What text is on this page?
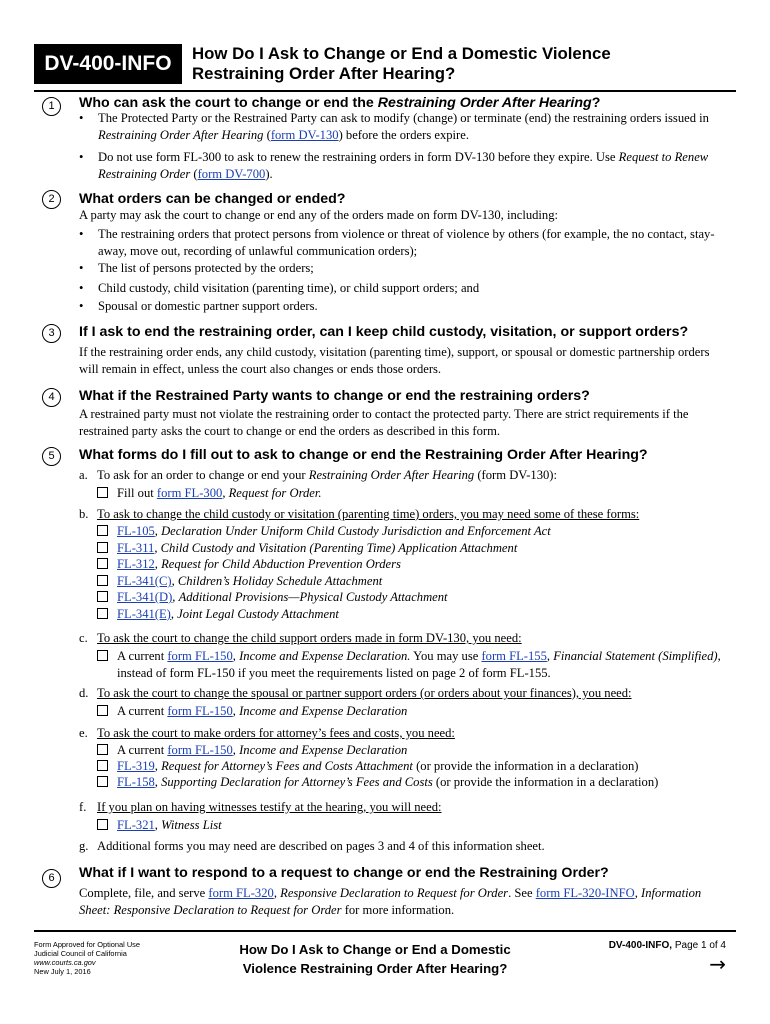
DV-400-INFO	How Do I Ask to Change or End a Domestic Violence
Restraining Order After Hearing?
1	Who can ask the court to change or end the Restraining Order After Hearing?
• The Protected Party or the Restrained Party can ask to modify (change) or terminate (end) the restraining orders issued in Restraining Order After Hearing (form DV-130) before the orders expire.
• Do not use form FL-300 to ask to renew the restraining orders in form DV-130 before they expire. Use Request to Renew Restraining Order (form DV-700).
2	What orders can be changed or ended?
A party may ask the court to change or end any of the orders made on form DV-130, including:
• The restraining orders that protect persons from violence or threat of violence by others (for example, the no contact, stay-away, move out, recording of unlawful communication orders);
• The list of persons protected by the orders;
• Child custody, child visitation (parenting time), or child support orders; and
• Spousal or domestic partner support orders.
3	If I ask to end the restraining order, can I keep child custody, visitation, or support orders?
If the restraining order ends, any child custody, visitation (parenting time), support, or spousal or domestic partnership orders will remain in effect, unless the court also changes or ends those orders.
4	What if the Restrained Party wants to change or end the restraining orders?
A restrained party must not violate the restraining order to contact the protected party. There are strict requirements if the restrained party asks the court to change or end the orders as described in this form.
5	What forms do I fill out to ask to change or end the Restraining Order After Hearing?
a. To ask for an order to change or end your Restraining Order After Hearing (form DV-130):
Fill out form FL-300, Request for Order.
b. To ask to change the child custody or visitation (parenting time) orders, you may need some of these forms:
FL-105, Declaration Under Uniform Child Custody Jurisdiction and Enforcement Act
FL-311, Child Custody and Visitation (Parenting Time) Application Attachment
FL-312, Request for Child Abduction Prevention Orders
FL-341(C), Children’s Holiday Schedule Attachment
FL-341(D), Additional Provisions—Physical Custody Attachment
FL-341(E), Joint Legal Custody Attachment
c. To ask the court to change the child support orders made in form DV-130, you need:
A current form FL-150, Income and Expense Declaration. You may use form FL-155, Financial Statement (Simplified), instead of form FL-150 if you meet the requirements listed on page 2 of form FL-155.
d. To ask the court to change the spousal or partner support orders (or orders about your finances), you need:
A current form FL-150, Income and Expense Declaration
e. To ask the court to make orders for attorney’s fees and costs, you need:
A current form FL-150, Income and Expense Declaration
FL-319, Request for Attorney’s Fees and Costs Attachment (or provide the information in a declaration)
FL-158, Supporting Declaration for Attorney’s Fees and Costs (or provide the information in a declaration)
f. If you plan on having witnesses testify at the hearing, you will need:
FL-321, Witness List
g. Additional forms you may need are described on pages 3 and 4 of this information sheet.
6	What if I want to respond to a request to change or end the Restraining Order?
Complete, file, and serve form FL-320, Responsive Declaration to Request for Order. See form FL-320-INFO, Information Sheet: Responsive Declaration to Request for Order for more information.
Form Approved for Optional Use
Judicial Council of California
www.courts.ca.gov
New July 1, 2016
How Do I Ask to Change or End a Domestic
Violence Restraining Order After Hearing?
DV-400-INFO, Page 1 of 4
→
